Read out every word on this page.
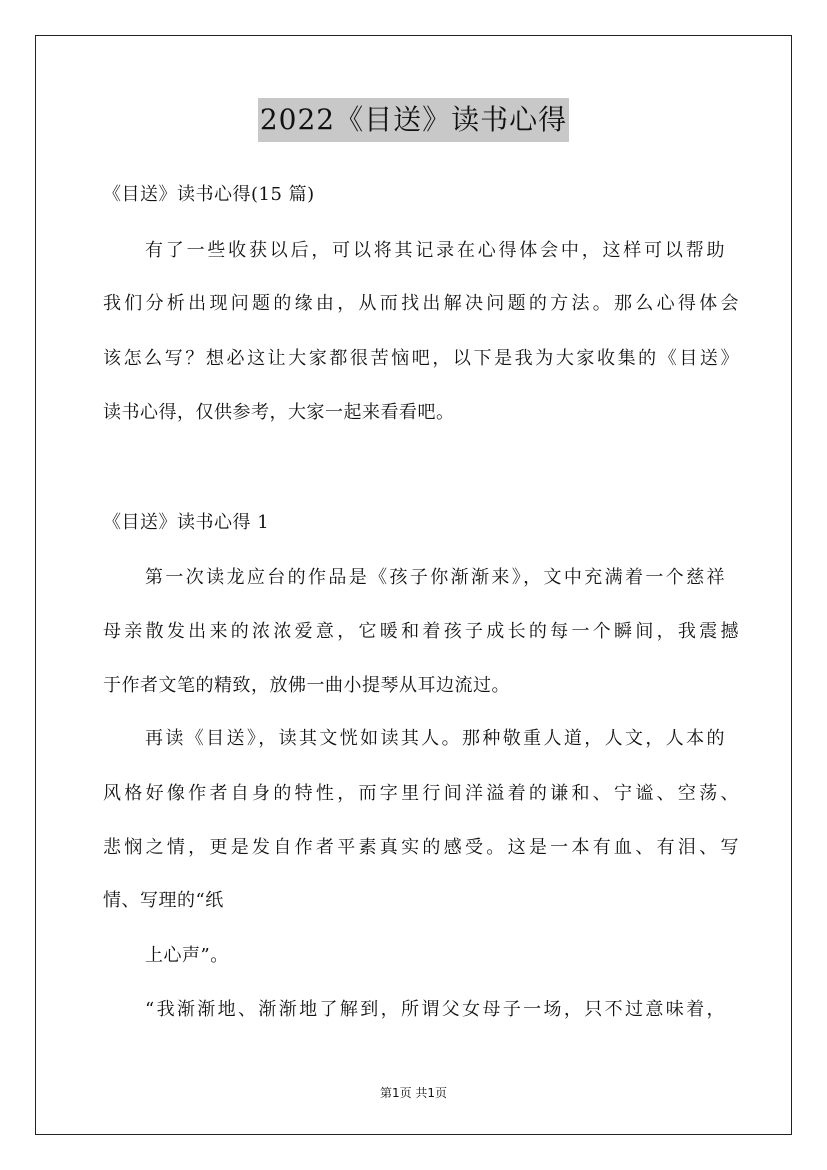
2022《目送》读书心得
《目送》读书心得(15 篇)
有了一些收获以后，可以将其记录在心得体会中，这样可以帮助
我们分析出现问题的缘由，从而找出解决问题的方法。那么心得体会
该怎么写？想必这让大家都很苦恼吧，以下是我为大家收集的《目送》
读书心得，仅供参考，大家一起来看看吧。
《目送》读书心得 1
第一次读龙应台的作品是《孩子你渐渐来》，文中充满着一个慈祥
母亲散发出来的浓浓爱意，它暖和着孩子成长的每一个瞬间，我震撼
于作者文笔的精致，放佛一曲小提琴从耳边流过。
再读《目送》，读其文恍如读其人。那种敬重人道，人文，人本的
风格好像作者自身的特性，而字里行间洋溢着的谦和、宁谧、空荡、
悲悯之情，更是发自作者平素真实的感受。这是一本有血、有泪、写
情、写理的“纸
上心声”。
“我渐渐地、渐渐地了解到，所谓父女母子一场，只不过意味着，
第1页 共1页
